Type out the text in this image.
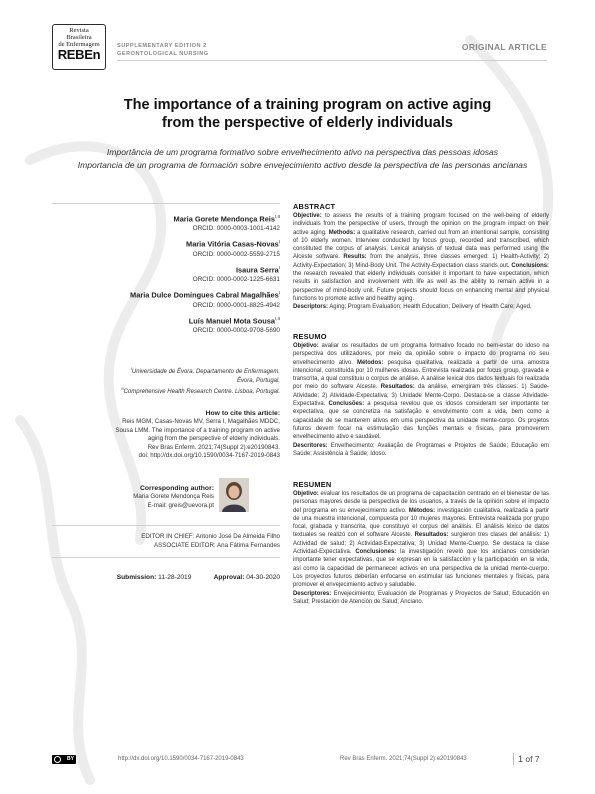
Revista
Brasileira
de Enfermagem
REBEn
SUPPLEMENTARY EDITION 2
GERONTOLOGICAL NURSING
ORIGINAL ARTICLE
The importance of a training program on active aging
from the perspective of elderly individuals
Importância de um programa formativo sobre envelhecimento ativo na perspectiva das pessoas idosas
Importancia de un programa de formación sobre envejecimiento activo desde la perspectiva de las personas ancianas
Maria Gorete Mendonça Reis$^{I,II}$
ORCID: 0000-0003-1001-4142
Maria Vitória Casas-Novas$^I$
ORCID: 0000-0002-5559-2715
Isaura Serra$^I$
ORCID: 0000-0002-1225-6631
Maria Dulce Domingues Cabral Magalhães$^I$
ORCID: 0000-0001-8825-4942
Luís Manuel Mota Sousa$^{I,II}$
ORCID: 0000-0002-9708-5690
$^I$Universidade de Évora, Departamento de Enfermagem.
Évora, Portugal.
$^{II}$Comprehensive Health Research Centre. Lisboa, Portugal.
How to cite this article:
Reis MGM, Casas-Novas MV, Serra I, Magalhães MDDC,
Sousa LMM. The importance of a training program on active
aging from the perspective of elderly individuals.
Rev Bras Enferm. 2021;74(Suppl 2):e20190843.
doi: http://dx.doi.org/10.1590/0034-7167-2019-0843
Corresponding author:
Maria Gorete Mendonça Reis
E-mail: greis@uevora.pt
EDITOR IN CHIEF: Antonio José De Almeida Filho
ASSOCIATE EDITOR: Ana Fátima Fernandes
Submission: 11-28-2019	Approval: 04-30-2020
ABSTRACT
Objective: to assess the results of a training program focused on the well-being of elderly individuals from the perspective of users, through the opinion on the program impact on their active aging. Methods: a qualitative research, carried out from an intentional sample, consisting of 10 elderly women. Interview conducted by focus group, recorded and transcribed, which constituted the corpus of analysis. Lexical analysis of textual data was performed using the Alceste software. Results: from the analysis, three classes emerged: 1) Health-Activity; 2) Activity-Expectation; 3) Mind-Body Unit. The Activity-Expectation class stands out. Conclusions: the research revealed that elderly individuals consider it important to have expectation, which results in satisfaction and involvement with life as well as the ability to remain active in a perspective of mind-body unit. Future projects should focus on enhancing mental and physical functions to promote active and healthy aging.
Descriptors: Aging; Program Evaluation; Health Education; Delivery of Health Care; Aged.
RESUMO
Objetivo: avaliar os resultados de um programa formativo focado no bem-estar do idoso na perspectiva dos utilizadores, por meio da opinião sobre o impacto do programa no seu envelhecimento ativo. Métodos: pesquisa qualitativa, realizada a partir de uma amostra intencional, constituída por 10 mulheres idosas. Entrevista realizada por focus group, gravada e transcrita, a qual constituiu o corpus de análise. A análise lexical dos dados textuais foi realizada por meio do software Alceste. Resultados: da análise, emergiram três classes: 1) Saúde-Atividade; 2) Atividade-Expectativa; 3) Unidade Mente-Corpo. Destaca-se a classe Atividade-Expectativa. Conclusões: a pesquisa revelou que os idosos consideram ser importante ter expectativa, que se concretiza na satisfação e envolvimento com a vida, bem como a capacidade de se manterem ativos em uma perspectiva da unidade mente-corpo. Os projetos futuros devem focar na estimulação das funções mentais e físicas, para promoverem envelhecimento ativo e saudável.
Descritores: Envelhecimento; Avaliação de Programas e Projetos de Saúde; Educação em Saúde; Assistência à Saúde; Idoso.
RESUMEN
Objetivo: evaluar los resultados de un programa de capacitación centrado en el bienestar de las personas mayores desde la perspectiva de los usuarios, a través de la opinión sobre el impacto del programa en su envejecimiento activo. Métodos: investigación cualitativa, realizada a partir de una muestra intencional, compuesta por 10 mujeres mayores. Entrevista realizada por grupo focal, grabada y transcrita, que constituyó el corpus del análisis. El análisis léxico de datos textuales se realizó con el software Alceste. Resultados: surgieron tres clases del análisis: 1) Actividad de salud; 2) Actividad-Expectativa; 3) Unidad Mente-Cuerpo. Se destaca la clase Actividad-Expectativa. Conclusiones: la investigación reveló que los ancianos consideran importante tener expectativas, que se expresan en la satisfacción y la participación en la vida, así como la capacidad de permanecer activos en una perspectiva de la unidad mente-cuerpo. Los proyectos futuros deberían enfocarse en estimular las funciones mentales y físicas, para promover el envejecimiento activo y saludable.
Descriptores: Envejecimiento; Evaluación de Programas y Proyectos de Salud; Educación en Salud; Prestación de Atención de Salud; Anciano.
BY	http://dx.doi.org/10.1590/0034-7167-2019-0843	Rev Bras Enferm. 2021;74(Suppl 2):e20190843	1 of 7
